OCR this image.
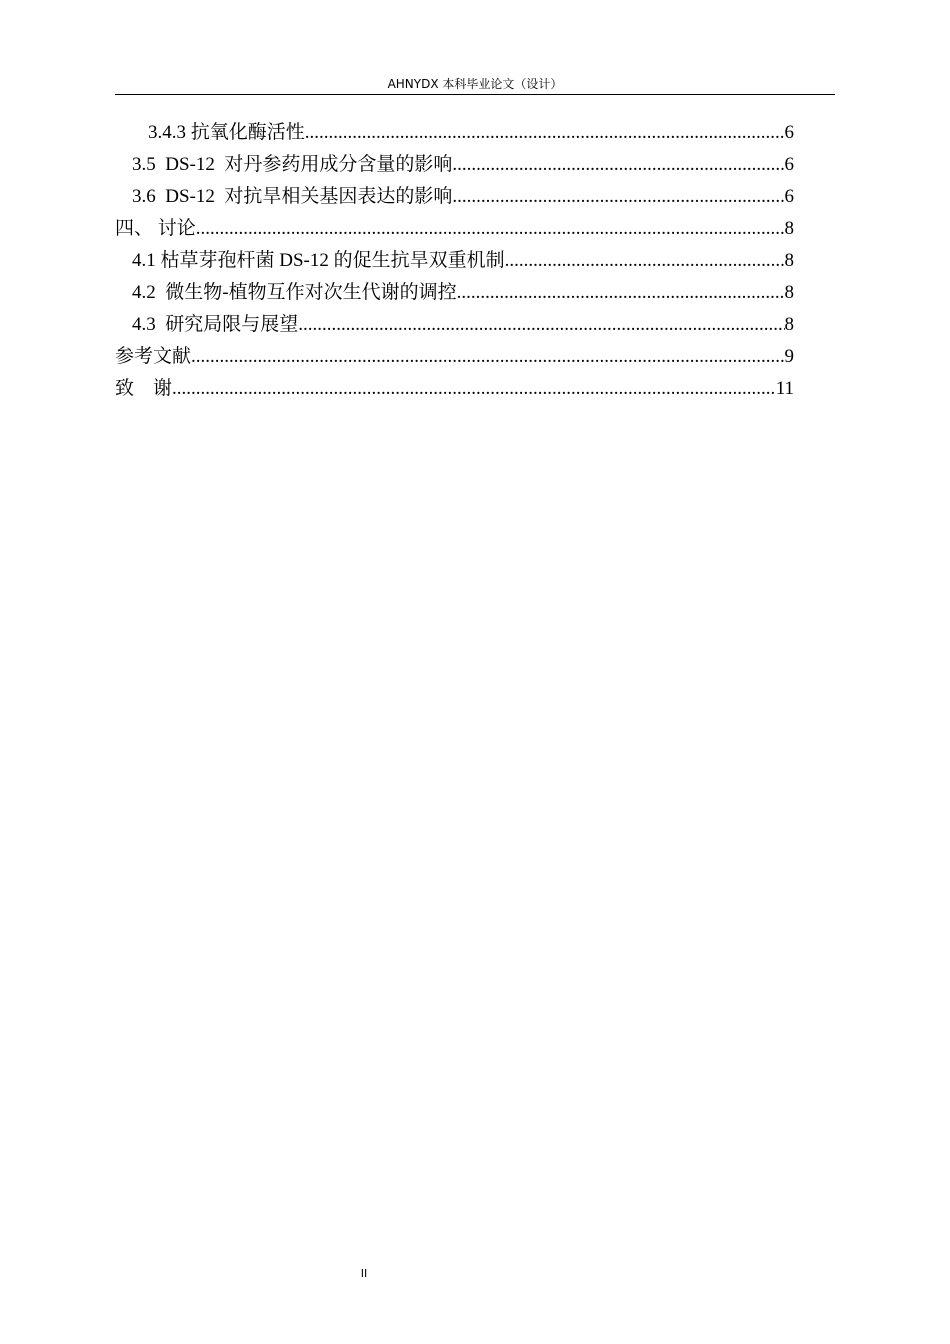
AHNYDX 本科毕业论文（设计）
3.4.3 抗氧化酶活性 .....	6
3.5  DS-12  对丹参药用成分含量的影响 .....	6
3.6  DS-12  对抗旱相关基因表达的影响 .....	6
四、 讨论 .....	8
4.1 枯草芽孢杆菌 DS-12 的促生抗旱双重机制 .....	8
4.2  微生物-植物互作对次生代谢的调控 .....	8
4.3  研究局限与展望 .....	8
参考文献 .....	9
致    谢 .....	11
II
